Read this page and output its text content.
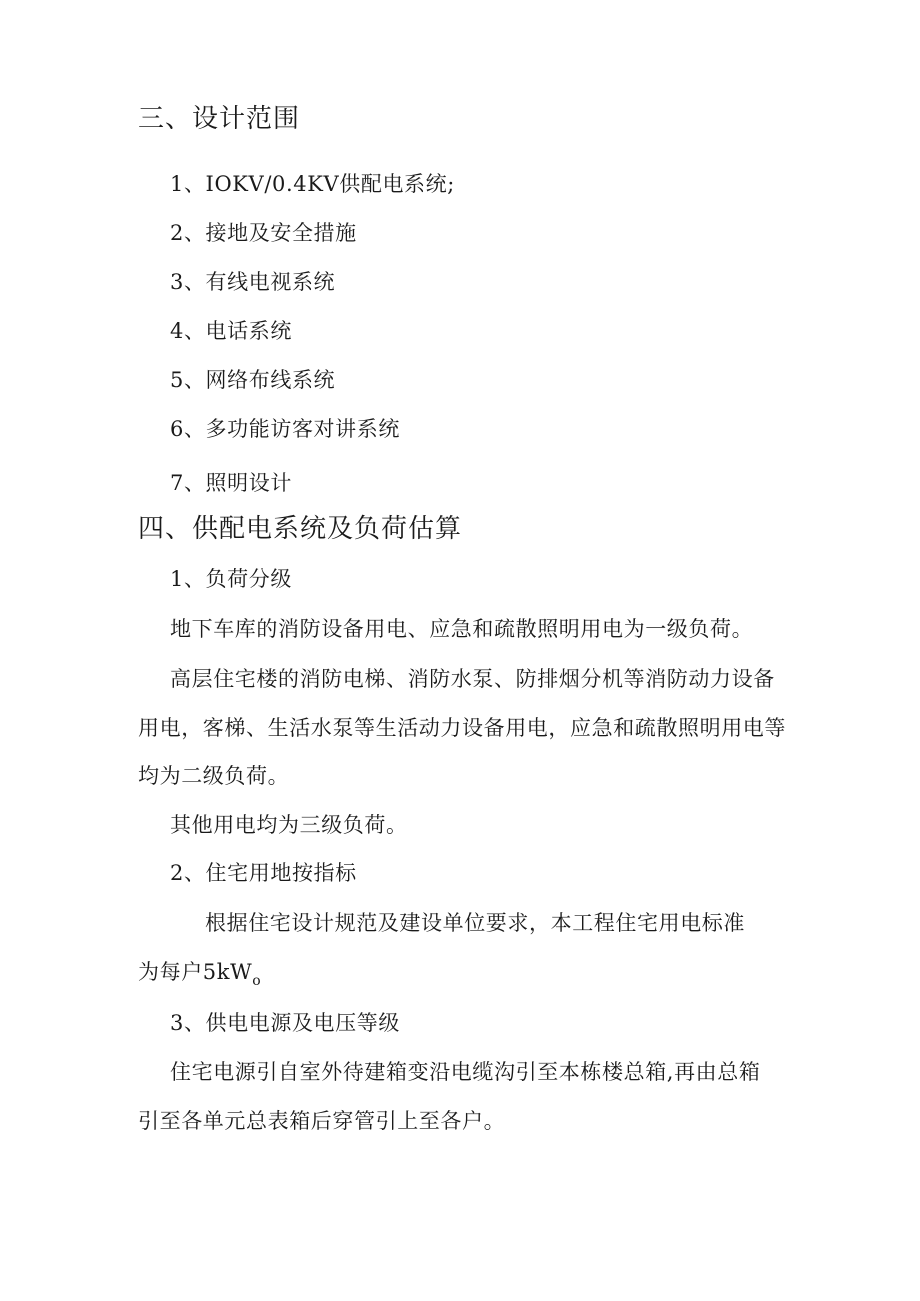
三、设计范围
1、IOKV/0.4KV供配电系统;
2、接地及安全措施
3、有线电视系统
4、电话系统
5、网络布线系统
6、多功能访客对讲系统
7、照明设计
四、供配电系统及负荷估算
1、负荷分级
地下车库的消防设备用电、应急和疏散照明用电为一级负荷。
高层住宅楼的消防电梯、消防水泵、防排烟分机等消防动力设备
用电，客梯、生活水泵等生活动力设备用电，应急和疏散照明用电等
均为二级负荷。
其他用电均为三级负荷。
2、住宅用地按指标
根据住宅设计规范及建设单位要求，本工程住宅用电标准
为每户$5kW_o$
3、供电电源及电压等级
住宅电源引自室外待建箱变沿电缆沟引至本栋楼总箱,再由总箱
引至各单元总表箱后穿管引上至各户。
